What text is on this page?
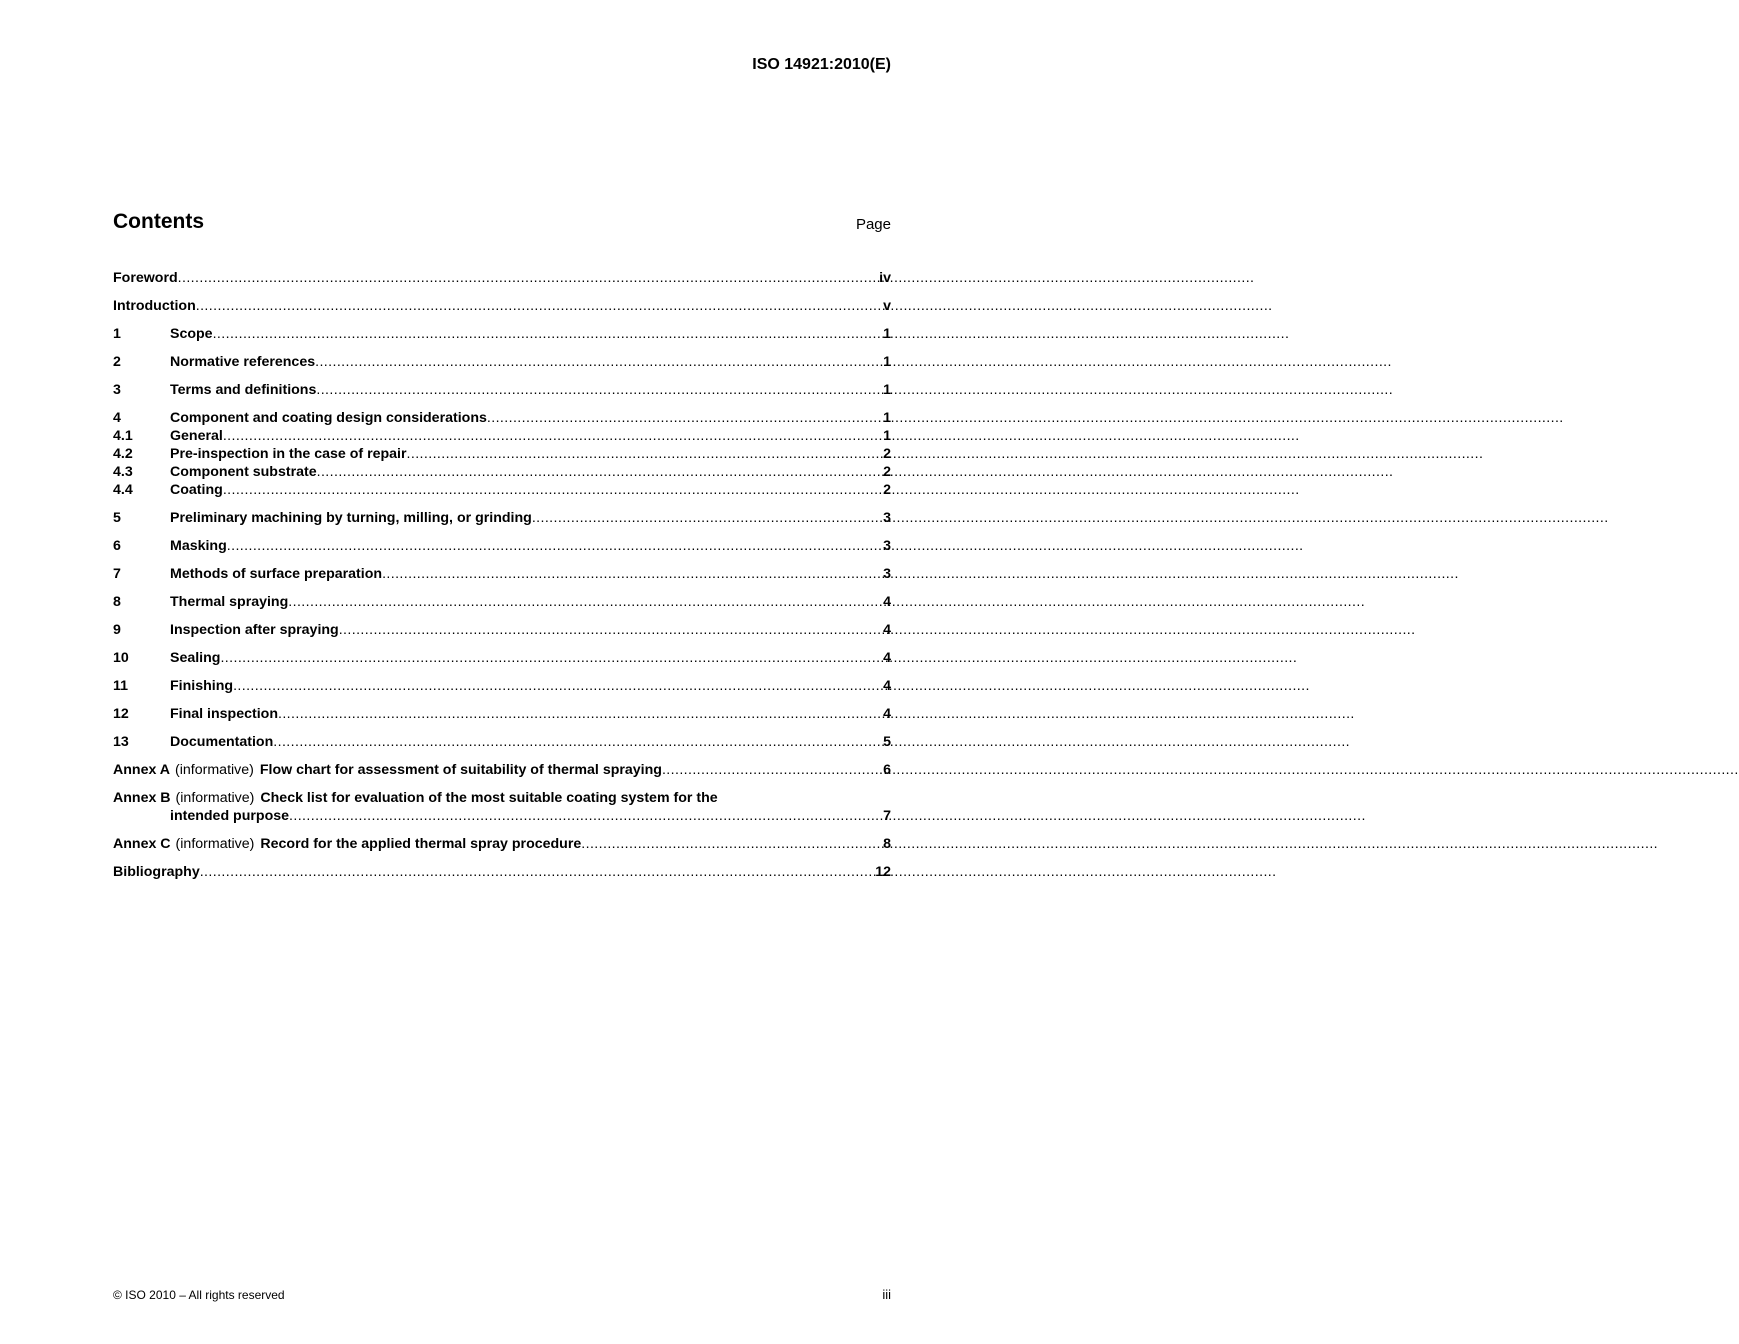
ISO 14921:2010(E)
Contents	Page
Foreword .....	iv
Introduction .....	v
1	Scope .....	1
2	Normative references .....	1
3	Terms and definitions .....	1
4	Component and coating design considerations .....	1
4.1	General .....	1
4.2	Pre-inspection in the case of repair .....	2
4.3	Component substrate .....	2
4.4	Coating .....	2
5	Preliminary machining by turning, milling, or grinding .....	3
6	Masking .....	3
7	Methods of surface preparation .....	3
8	Thermal spraying .....	4
9	Inspection after spraying .....	4
10	Sealing .....	4
11	Finishing .....	4
12	Final inspection .....	4
13	Documentation .....	5
Annex A (informative) Flow chart for assessment of suitability of thermal spraying .....	6
Annex B (informative) Check list for evaluation of the most suitable coating system for the
intended purpose .....	7
Annex C (informative) Record for the applied thermal spray procedure .....	8
Bibliography .....	12
© ISO 2010 – All rights reserved	iii
